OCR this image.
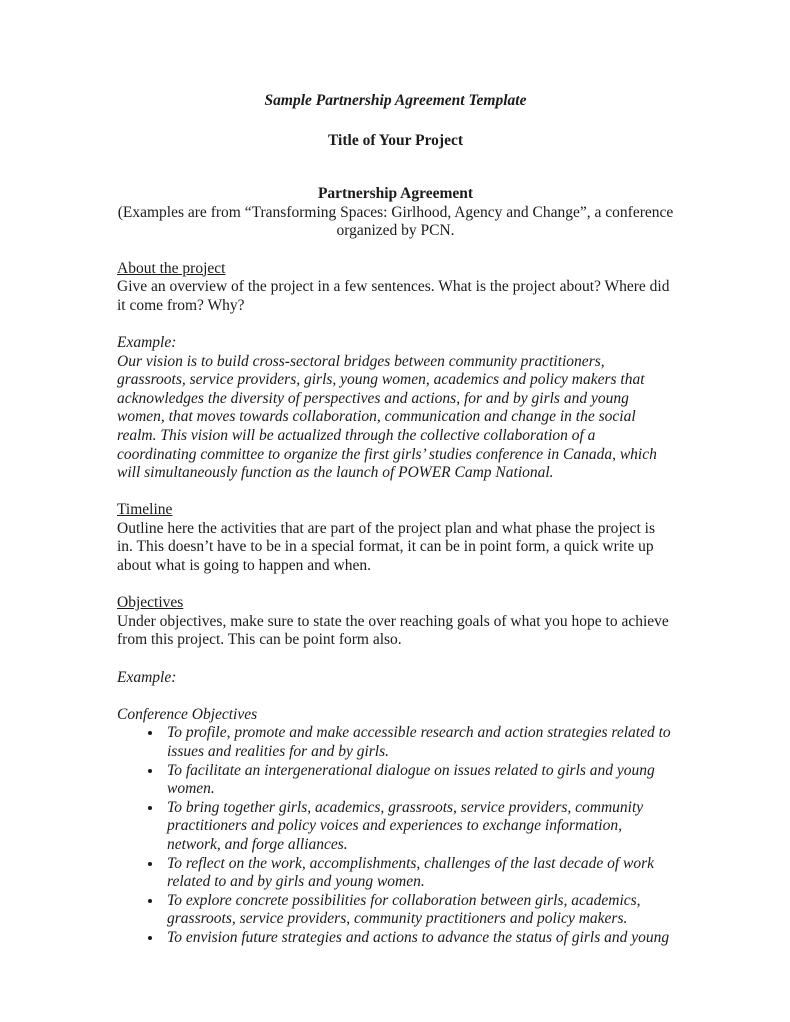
Sample Partnership Agreement Template

Title of Your Project

Partnership Agreement

(Examples are from “Transforming Spaces: Girlhood, Agency and Change”, a conference organized by PCN.

About the project

Give an overview of the project in a few sentences. What is the project about? Where did it come from? Why?

Example:

Our vision is to build cross-sectoral bridges between community practitioners, grassroots, service providers, girls, young women, academics and policy makers that acknowledges the diversity of perspectives and actions, for and by girls and young women, that moves towards collaboration, communication and change in the social realm. This vision will be actualized through the collective collaboration of a coordinating committee to organize the first girls’ studies conference in Canada, which will simultaneously function as the launch of POWER Camp National.

Timeline

Outline here the activities that are part of the project plan and what phase the project is in. This doesn’t have to be in a special format, it can be in point form, a quick write up about what is going to happen and when.

Objectives

Under objectives, make sure to state the over reaching goals of what you hope to achieve from this project. This can be point form also.

Example:

Conference Objectives

• To profile, promote and make accessible research and action strategies related to issues and realities for and by girls.
• To facilitate an intergenerational dialogue on issues related to girls and young women.
• To bring together girls, academics, grassroots, service providers, community practitioners and policy voices and experiences to exchange information, network, and forge alliances.
• To reflect on the work, accomplishments, challenges of the last decade of work related to and by girls and young women.
• To explore concrete possibilities for collaboration between girls, academics, grassroots, service providers, community practitioners and policy makers.
• To envision future strategies and actions to advance the status of girls and young
